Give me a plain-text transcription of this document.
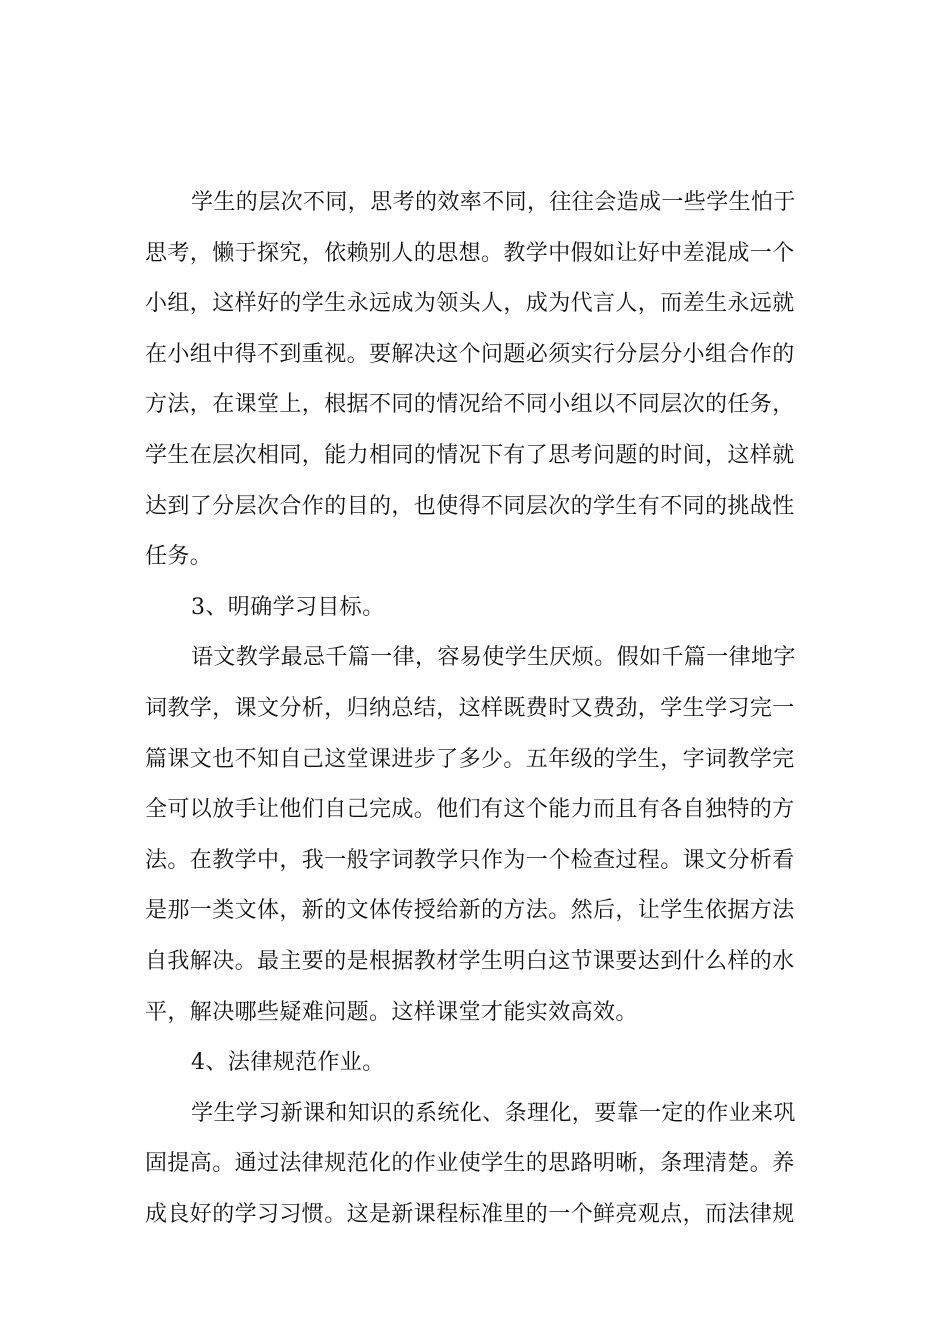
学生的层次不同，思考的效率不同，往往会造成一些学生怕于
思考，懒于探究，依赖别人的思想。教学中假如让好中差混成一个
小组，这样好的学生永远成为领头人，成为代言人，而差生永远就
在小组中得不到重视。要解决这个问题必须实行分层分小组合作的
方法，在课堂上，根据不同的情况给不同小组以不同层次的任务，
学生在层次相同，能力相同的情况下有了思考问题的时间，这样就
达到了分层次合作的目的，也使得不同层次的学生有不同的挑战性
任务。
3、明确学习目标。
语文教学最忌千篇一律，容易使学生厌烦。假如千篇一律地字
词教学，课文分析，归纳总结，这样既费时又费劲，学生学习完一
篇课文也不知自己这堂课进步了多少。五年级的学生，字词教学完
全可以放手让他们自己完成。他们有这个能力而且有各自独特的方
法。在教学中，我一般字词教学只作为一个检查过程。课文分析看
是那一类文体，新的文体传授给新的方法。然后，让学生依据方法
自我解决。最主要的是根据教材学生明白这节课要达到什么样的水
平，解决哪些疑难问题。这样课堂才能实效高效。
4、法律规范作业。
学生学习新课和知识的系统化、条理化，要靠一定的作业来巩
固提高。通过法律规范化的作业使学生的思路明晰，条理清楚。养
成良好的学习习惯。这是新课程标准里的一个鲜亮观点，而法律规
